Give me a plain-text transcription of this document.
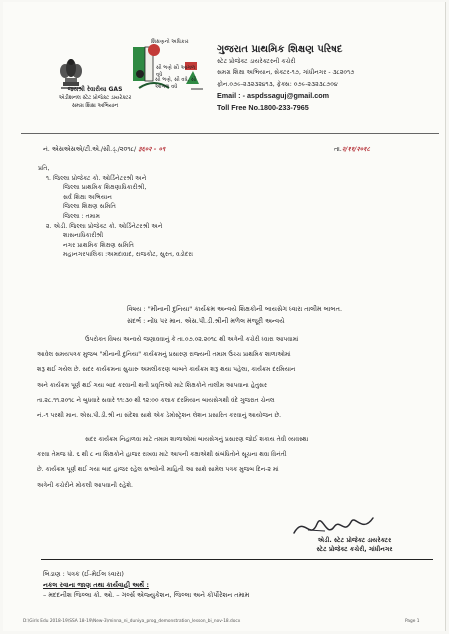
જયશ્રી રેવારીયા GAS
એડીશનલ સ્ટેટ પ્રોજેક્ટ ડાયરેક્ટર
સમગ્ર શિક્ષા અભિયાન
શિક્ષણનો અધિકાર
સૌ ભણે સૌ આગળ વધે
સૌ ભણે, સૌ વધે, સૌ આગળ વધે
ગુજરાત પ્રાથમિક શિક્ષણ પરિષદ
સ્ટેટ પ્રોજેક્ટ ડાયરેક્ટરની કચેરી
સમગ્ર શિક્ષા અભિયાન, સેક્ટર-૧૭, ગાંધીનગર - ૩૮૨૦૧૭
ફોન.૦૭૯-૨૩૨૩૨૪૧૩, ફેક્સ: ૦૭૯-૨૩૨૩૮૭૦૪
Email : - aspdssaguj@gmail.com
Toll Free No.1800-233-7965
નં. એસએસએ/ટી.એ./સી.ડ્./૨૦૧૮/ ३६०२ - ०९	તા.२/११/२०१८
પ્રતિ,
૧. જિલ્લા પ્રોજેક્ટ કો. ઓર્ડિનેટરશ્રી અને
જિલ્લા પ્રાથમિક શિક્ષણાધિકારીશ્રી,
સર્વ શિક્ષા અભિયાન
જિલ્લા શિક્ષણ સમિતિ
જિલ્લા : તમામ
૨. એડી. જિલ્લા પ્રોજેક્ટ કો. ઓર્ડિનેટરશ્રી અને
શાસનાધિકારીશ્રી
નગર પ્રાથમિક શિક્ષણ સમિતિ
મહાનગરપાલિકા :અમદાવાદ, રાજકોટ, સુરત, વડોદરા
વિષય : "મીનાની દુનિયા" કાર્યક્રમ અન્વયે શિક્ષકોની બાયસેગ ધ્વારા તાલીમ બાબત.
સંદર્ભ : નોંધ પર માન. એસ.પી.ડી.શ્રીની મળેલ મંજૂરી અન્વયે
ઉપરોક્ત વિષય અન્વયે જણાવવાનું કે તા.૦૭.૦૨.૨૦૧૮ થી અત્રેની કચેરી ધ્વારા આપવામાં
આવેલ સમયપત્રક મુજબ "મીનાની દુનિયા" કાર્યક્રમનું પ્રસારણ રાજ્યની તમામ ઉચ્ચ પ્રાથમિક શાળાઓમાં
શરૂ થઈ ગયેલ છે. સદર કાર્યક્રમના સુચારુ અમલીકરણ બાબતે કાર્યક્રમ શરૂ થયા પહેલા, કાર્યક્રમ દરમિયાન
અને કાર્યક્રમ પૂર્ણ થઈ ગયા બાદ કરવાની થતી પ્રવૃત્તિઓ માટે શિક્ષકોને તાલીમ આપવાના હેતુસર
તા.૨૮.૧૧.૨૦૧૮ ને બુધવારે સવારે ૧૧:૩૦ થી ૧૨:૦૦ કલાક દરમિયાન બાયસેગથી વંદે ગુજરાત ચેનલ
નં.-૧ પરથી માન. એસ.પી.ડી.શ્રી ના સંદેશા સાથે એક ડેમોસ્ટ્રેશન લેશન પ્રસારિત કરવાનું આયોજન છે.
સદર કાર્યક્રમ નિહાળવા માટે તમામ શાળાઓમાં બાયસેગનું પ્રસારણ જોઈ શકાય તેવી વ્યવસ્થા
કરવા તેમજ ધો. ૬ થી ૮ ના શિક્ષકોને હાજર રાખવા માટે આપની કક્ષાએથી સંબંધિતોને સૂચના થવા વિનંતી
છે. કાર્યક્રમ પૂર્ણ થઈ ગયા બાદ હાજર રહેલ સભ્યોની માહિતી આ સાથે સામેલ પત્રક મુજબ દિન-૨ માં
અત્રેની કચેરીને મોકલી આપવાની રહેશે.
એડી. સ્ટેટ પ્રોજેક્ટ ડાયરેક્ટર
સ્ટેટ પ્રોજેક્ટ કચેરી, ગાંધીનગર
બિડાણ : પત્રક (ઈ-મેઈલ ધ્વારા)
નકલ રવાના જાણ તથા કાર્યવાહી અર્થે :
– મદદનીશ જિલ્લા કો. ઓ. – ગર્લ્સ એજ્યુકેશન, જિલ્લા અને કોર્પોરેશન તમામ
D:\Girls Edu 2018-19\SSA 18-19\New-3\minna_ni_duniya_prog_demonstration_lesson_bi_nov-18.docx	Page 1
